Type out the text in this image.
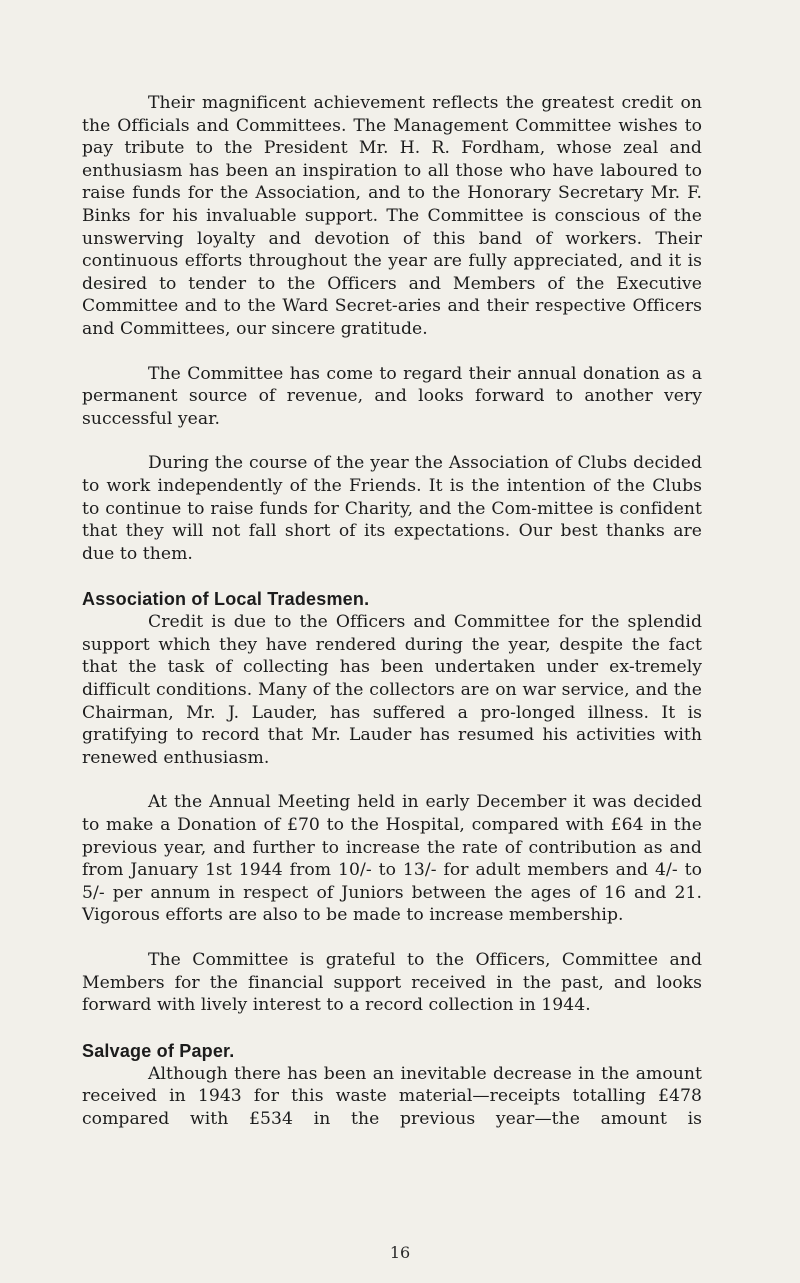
Their magnificent achievement reflects the greatest credit on the Officials and Committees. The Management Committee wishes to pay tribute to the President Mr. H. R. Fordham, whose zeal and enthusiasm has been an inspiration to all those who have laboured to raise funds for the Association, and to the Honorary Secretary Mr. F. Binks for his invaluable support. The Committee is conscious of the unswerving loyalty and devotion of this band of workers. Their continuous efforts throughout the year are fully appreciated, and it is desired to tender to the Officers and Members of the Executive Committee and to the Ward Secret-aries and their respective Officers and Committees, our sincere gratitude.

The Committee has come to regard their annual donation as a permanent source of revenue, and looks forward to another very successful year.

During the course of the year the Association of Clubs decided to work independently of the Friends. It is the intention of the Clubs to continue to raise funds for Charity, and the Com-mittee is confident that they will not fall short of its expectations. Our best thanks are due to them.

Association of Local Tradesmen.

Credit is due to the Officers and Committee for the splendid support which they have rendered during the year, despite the fact that the task of collecting has been undertaken under ex-tremely difficult conditions. Many of the collectors are on war service, and the Chairman, Mr. J. Lauder, has suffered a pro-longed illness. It is gratifying to record that Mr. Lauder has resumed his activities with renewed enthusiasm.

At the Annual Meeting held in early December it was decided to make a Donation of £70 to the Hospital, compared with £64 in the previous year, and further to increase the rate of contribution as and from January 1st 1944 from 10/- to 13/- for adult members and 4/- to 5/- per annum in respect of Juniors between the ages of 16 and 21. Vigorous efforts are also to be made to increase membership.

The Committee is grateful to the Officers, Committee and Members for the financial support received in the past, and looks forward with lively interest to a record collection in 1944.

Salvage of Paper.

Although there has been an inevitable decrease in the amount received in 1943 for this waste material—receipts totalling £478 compared with £534 in the previous year—the amount is

16
